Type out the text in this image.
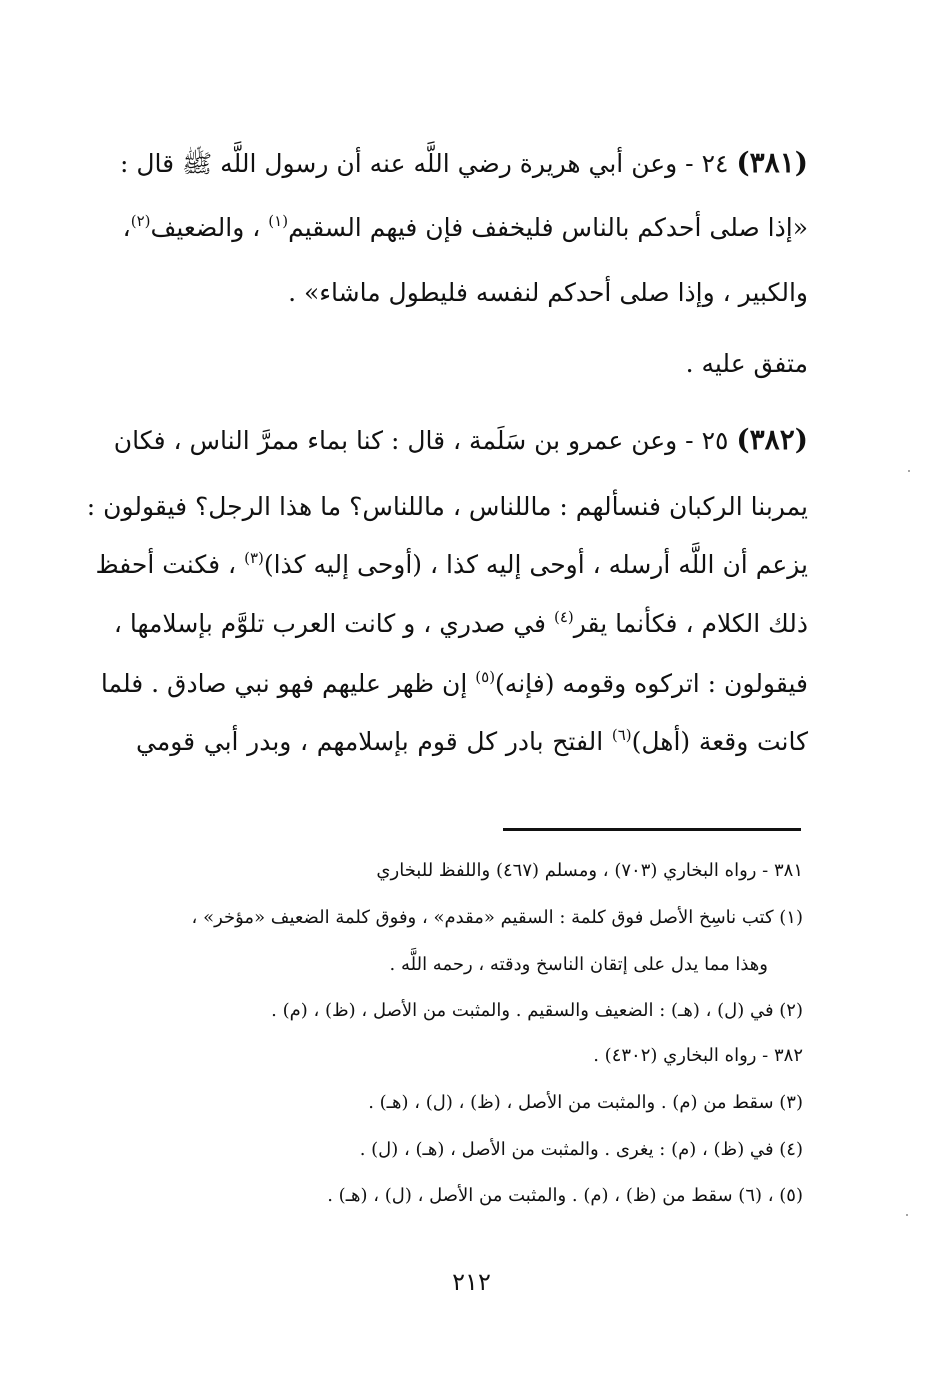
(٣٨١) ٢٤ - وعن أبي هريرة رضي اللَّه عنه أن رسول اللَّه ﷺ قال :
«إذا صلى أحدكم بالناس فليخفف فإن فيهم السقيم$^{(١)}$ ، والضعيف$^{(٢)}$،
والكبير ، وإذا صلى أحدكم لنفسه فليطول ماشاء» .
متفق عليه .
(٣٨٢) ٢٥ - وعن عمرو بن سَلَمة ، قال : كنا بماء ممرَّ الناس ، فكان
يمربنا الركبان فنسألهم : ماللناس ، ماللناس؟ ما هذا الرجل؟ فيقولون :
يزعم أن اللَّه أرسله ، أوحى إليه كذا ، (أوحى إليه كذا)$^{(٣)}$ ، فكنت أحفظ
ذلك الكلام ، فكأنما يقر$^{(٤)}$ في صدري ، و كانت العرب تلوَّم بإسلامها ،
فيقولون : اتركوه وقومه (فإنه)$^{(٥)}$ إن ظهر عليهم فهو نبي صادق . فلما
كانت وقعة (أهل)$^{(٦)}$ الفتح بادر كل قوم بإسلامهم ، وبدر أبي قومي
٣٨١ - رواه البخاري (٧٠٣) ، ومسلم (٤٦٧) واللفظ للبخاري
(١) كتب ناسِخ الأصل فوق كلمة : السقيم «مقدم» ، وفوق كلمة الضعيف «مؤخر» ،
وهذا مما يدل على إتقان الناسخ ودقته ، رحمه اللَّه .
(٢) في (ل) ، (هـ) : الضعيف والسقيم . والمثبت من الأصل ، (ظ) ، (م) .
٣٨٢ - رواه البخاري (٤٣٠٢) .
(٣) سقط من (م) . والمثبت من الأصل ، (ظ) ، (ل) ، (هـ) .
(٤) في (ظ) ، (م) : يغرى . والمثبت من الأصل ، (هـ) ، (ل) .
(٥) ، (٦) سقط من (ظ) ، (م) . والمثبت من الأصل ، (ل) ، (هـ) .
٢١٢
